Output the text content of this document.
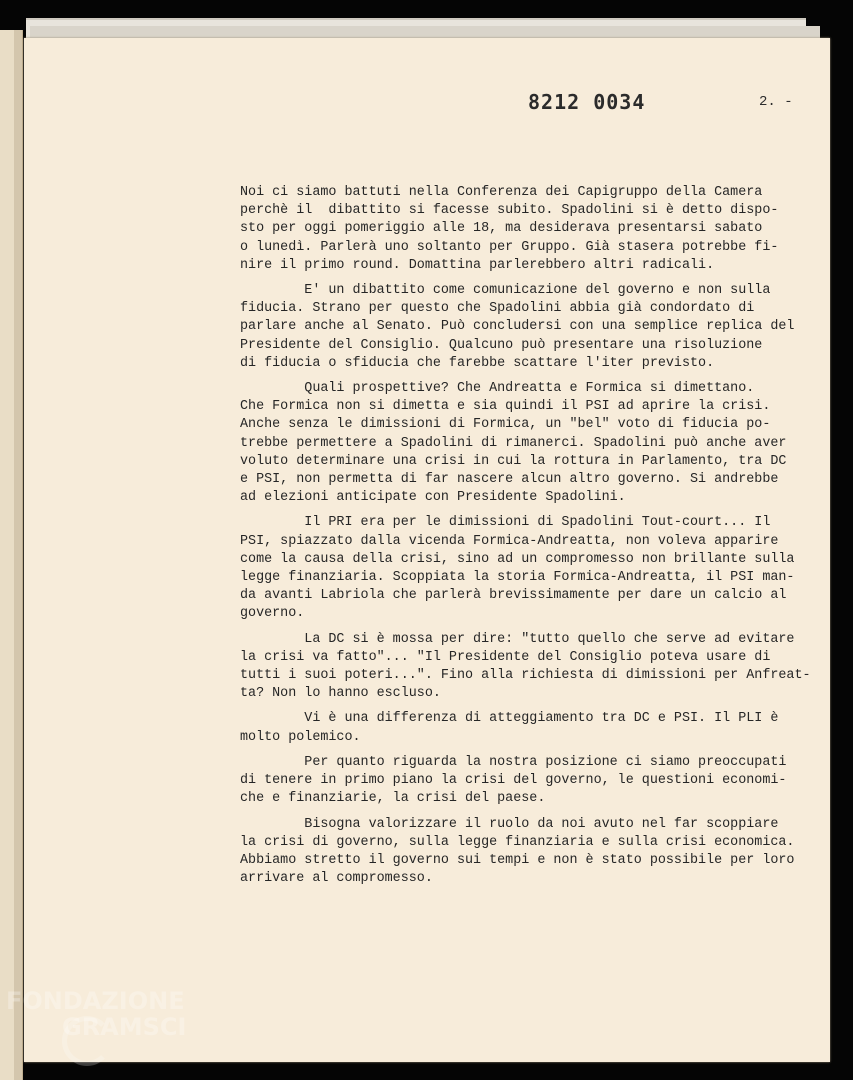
8212 0034	2. -
Noi ci siamo battuti nella Conferenza dei Capigruppo della Camera
perchè il  dibattito si facesse subito. Spadolini si è detto dispo-
sto per oggi pomeriggio alle 18, ma desiderava presentarsi sabato
o lunedì. Parlerà uno soltanto per Gruppo. Già stasera potrebbe fi-
nire il primo round. Domattina parlerebbero altri radicali.
E' un dibattito come comunicazione del governo e non sulla
fiducia. Strano per questo che Spadolini abbia già condordato di
parlare anche al Senato. Può concludersi con una semplice replica del
Presidente del Consiglio. Qualcuno può presentare una risoluzione
di fiducia o sfiducia che farebbe scattare l'iter previsto.
Quali prospettive? Che Andreatta e Formica si dimettano.
Che Formica non si dimetta e sia quindi il PSI ad aprire la crisi.
Anche senza le dimissioni di Formica, un "bel" voto di fiducia po-
trebbe permettere a Spadolini di rimanerci. Spadolini può anche aver
voluto determinare una crisi in cui la rottura in Parlamento, tra DC
e PSI, non permetta di far nascere alcun altro governo. Si andrebbe
ad elezioni anticipate con Presidente Spadolini.
Il PRI era per le dimissioni di Spadolini Tout-court... Il
PSI, spiazzato dalla vicenda Formica-Andreatta, non voleva apparire
come la causa della crisi, sino ad un compromesso non brillante sulla
legge finanziaria. Scoppiata la storia Formica-Andreatta, il PSI man-
da avanti Labriola che parlerà brevissimamente per dare un calcio al
governo.
La DC si è mossa per dire: "tutto quello che serve ad evitare
la crisi va fatto"... "Il Presidente del Consiglio poteva usare di
tutti i suoi poteri...". Fino alla richiesta di dimissioni per Anfreat-
ta? Non lo hanno escluso.
Vi è una differenza di atteggiamento tra DC e PSI. Il PLI è
molto polemico.
Per quanto riguarda la nostra posizione ci siamo preoccupati
di tenere in primo piano la crisi del governo, le questioni economi-
che e finanziarie, la crisi del paese.
Bisogna valorizzare il ruolo da noi avuto nel far scoppiare
la crisi di governo, sulla legge finanziaria e sulla crisi economica.
Abbiamo stretto il governo sui tempi e non è stato possibile per loro
arrivare al compromesso.
FONDAZIONE
GRAMSCI
